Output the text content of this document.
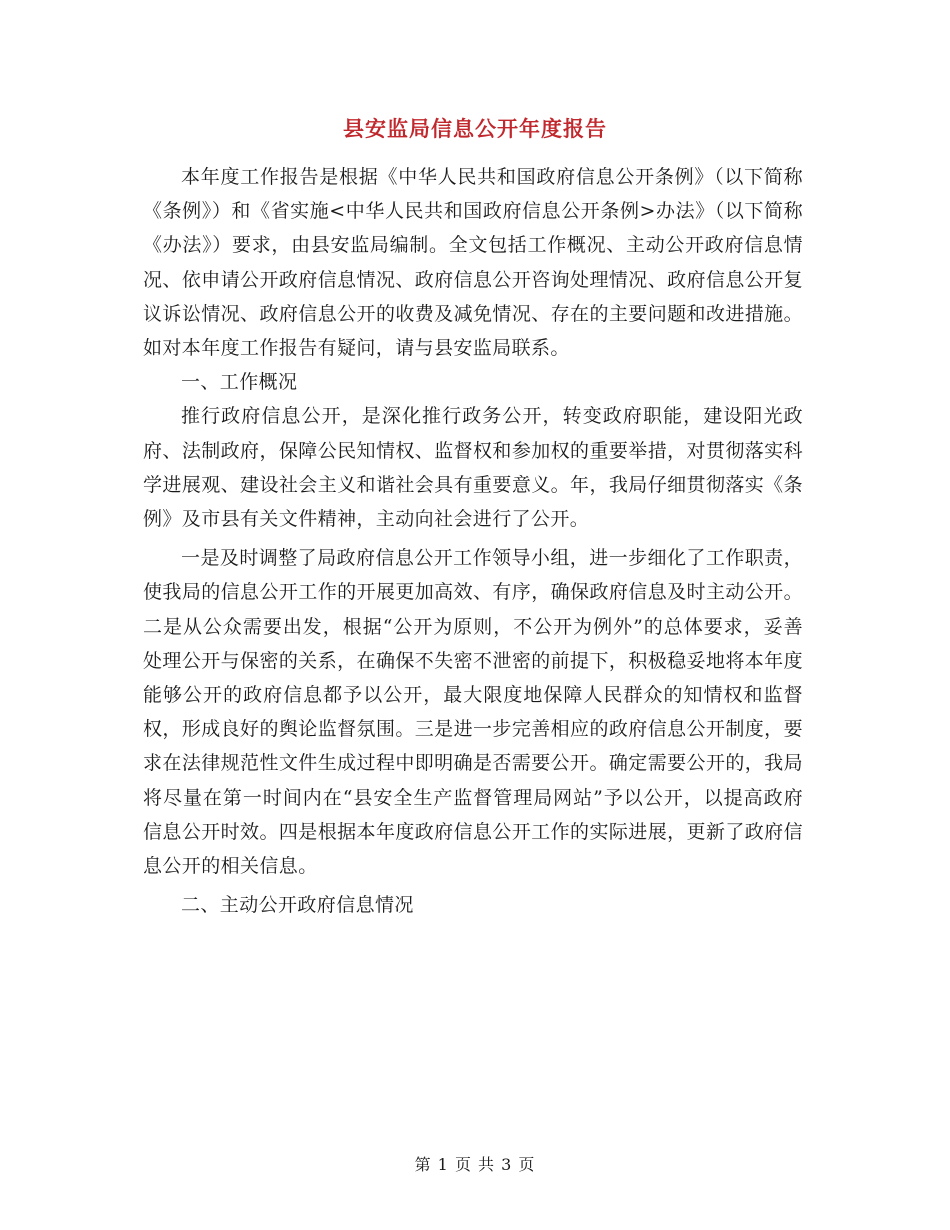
县安监局信息公开年度报告

本年度工作报告是根据《中华人民共和国政府信息公开条例》（以下简称《条例》）和《省实施<中华人民共和国政府信息公开条例>办法》（以下简称《办法》）要求，由县安监局编制。全文包括工作概况、主动公开政府信息情况、依申请公开政府信息情况、政府信息公开咨询处理情况、政府信息公开复议诉讼情况、政府信息公开的收费及减免情况、存在的主要问题和改进措施。如对本年度工作报告有疑问，请与县安监局联系。

一、工作概况

推行政府信息公开，是深化推行政务公开，转变政府职能，建设阳光政府、法制政府，保障公民知情权、监督权和参加权的重要举措，对贯彻落实科学进展观、建设社会主义和谐社会具有重要意义。年，我局仔细贯彻落实《条例》及市县有关文件精神，主动向社会进行了公开。

一是及时调整了局政府信息公开工作领导小组，进一步细化了工作职责，使我局的信息公开工作的开展更加高效、有序，确保政府信息及时主动公开。二是从公众需要出发，根据“公开为原则，不公开为例外”的总体要求，妥善处理公开与保密的关系，在确保不失密不泄密的前提下，积极稳妥地将本年度能够公开的政府信息都予以公开，最大限度地保障人民群众的知情权和监督权，形成良好的舆论监督氛围。三是进一步完善相应的政府信息公开制度，要求在法律规范性文件生成过程中即明确是否需要公开。确定需要公开的，我局将尽量在第一时间内在“县安全生产监督管理局网站”予以公开，以提高政府信息公开时效。四是根据本年度政府信息公开工作的实际进展，更新了政府信息公开的相关信息。

二、主动公开政府信息情况

第 1 页 共 3 页
